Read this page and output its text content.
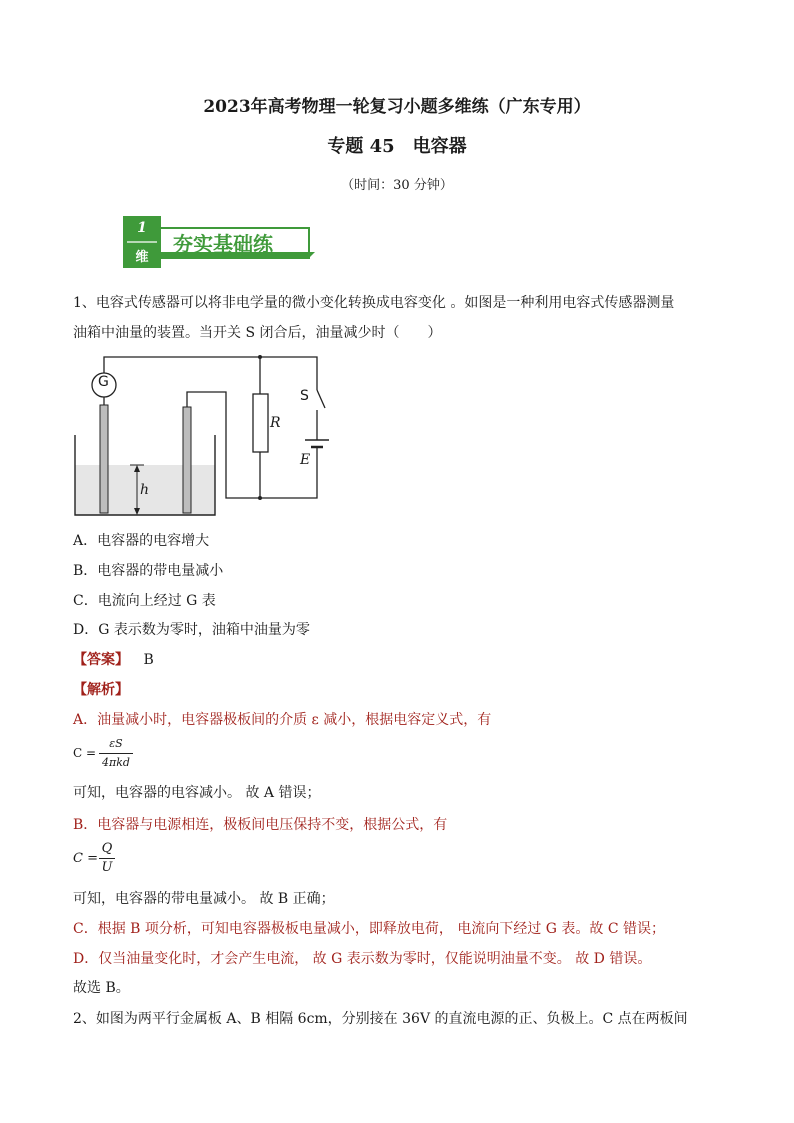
2023年高考物理一轮复习小题多维练（广东专用）
专题 45　电容器
（时间：30 分钟）
1
维
夯实基础练
1、电容式传感器可以将非电学量的微小变化转换成电容变化 。如图是一种利用电容式传感器测量
油箱中油量的装置。当开关 S 闭合后，油量减少时（　　）
G
R
S
E
h
A．电容器的电容增大
B．电容器的带电量减小
C．电流向上经过 G 表
D．G 表示数为零时，油箱中油量为零
【答案】 B
【解析】
A．油量减小时，电容器极板间的介质 ε 减小，根据电容定义式，有
C =
εS
4πkd
可知，电容器的电容减小。 故 A 错误；
B．电容器与电源相连，极板间电压保持不变，根据公式，有
C =
Q
U
可知，电容器的带电量减小。 故 B 正确；
C．根据 B 项分析，可知电容器极板电量减小，即释放电荷， 电流向下经过 G 表。故 C 错误；
D．仅当油量变化时，才会产生电流， 故 G 表示数为零时，仅能说明油量不变。 故 D 错误。
故选 B。
2、如图为两平行金属板 A、B 相隔 6cm，分别接在 36V 的直流电源的正、负极上。C 点在两板间
